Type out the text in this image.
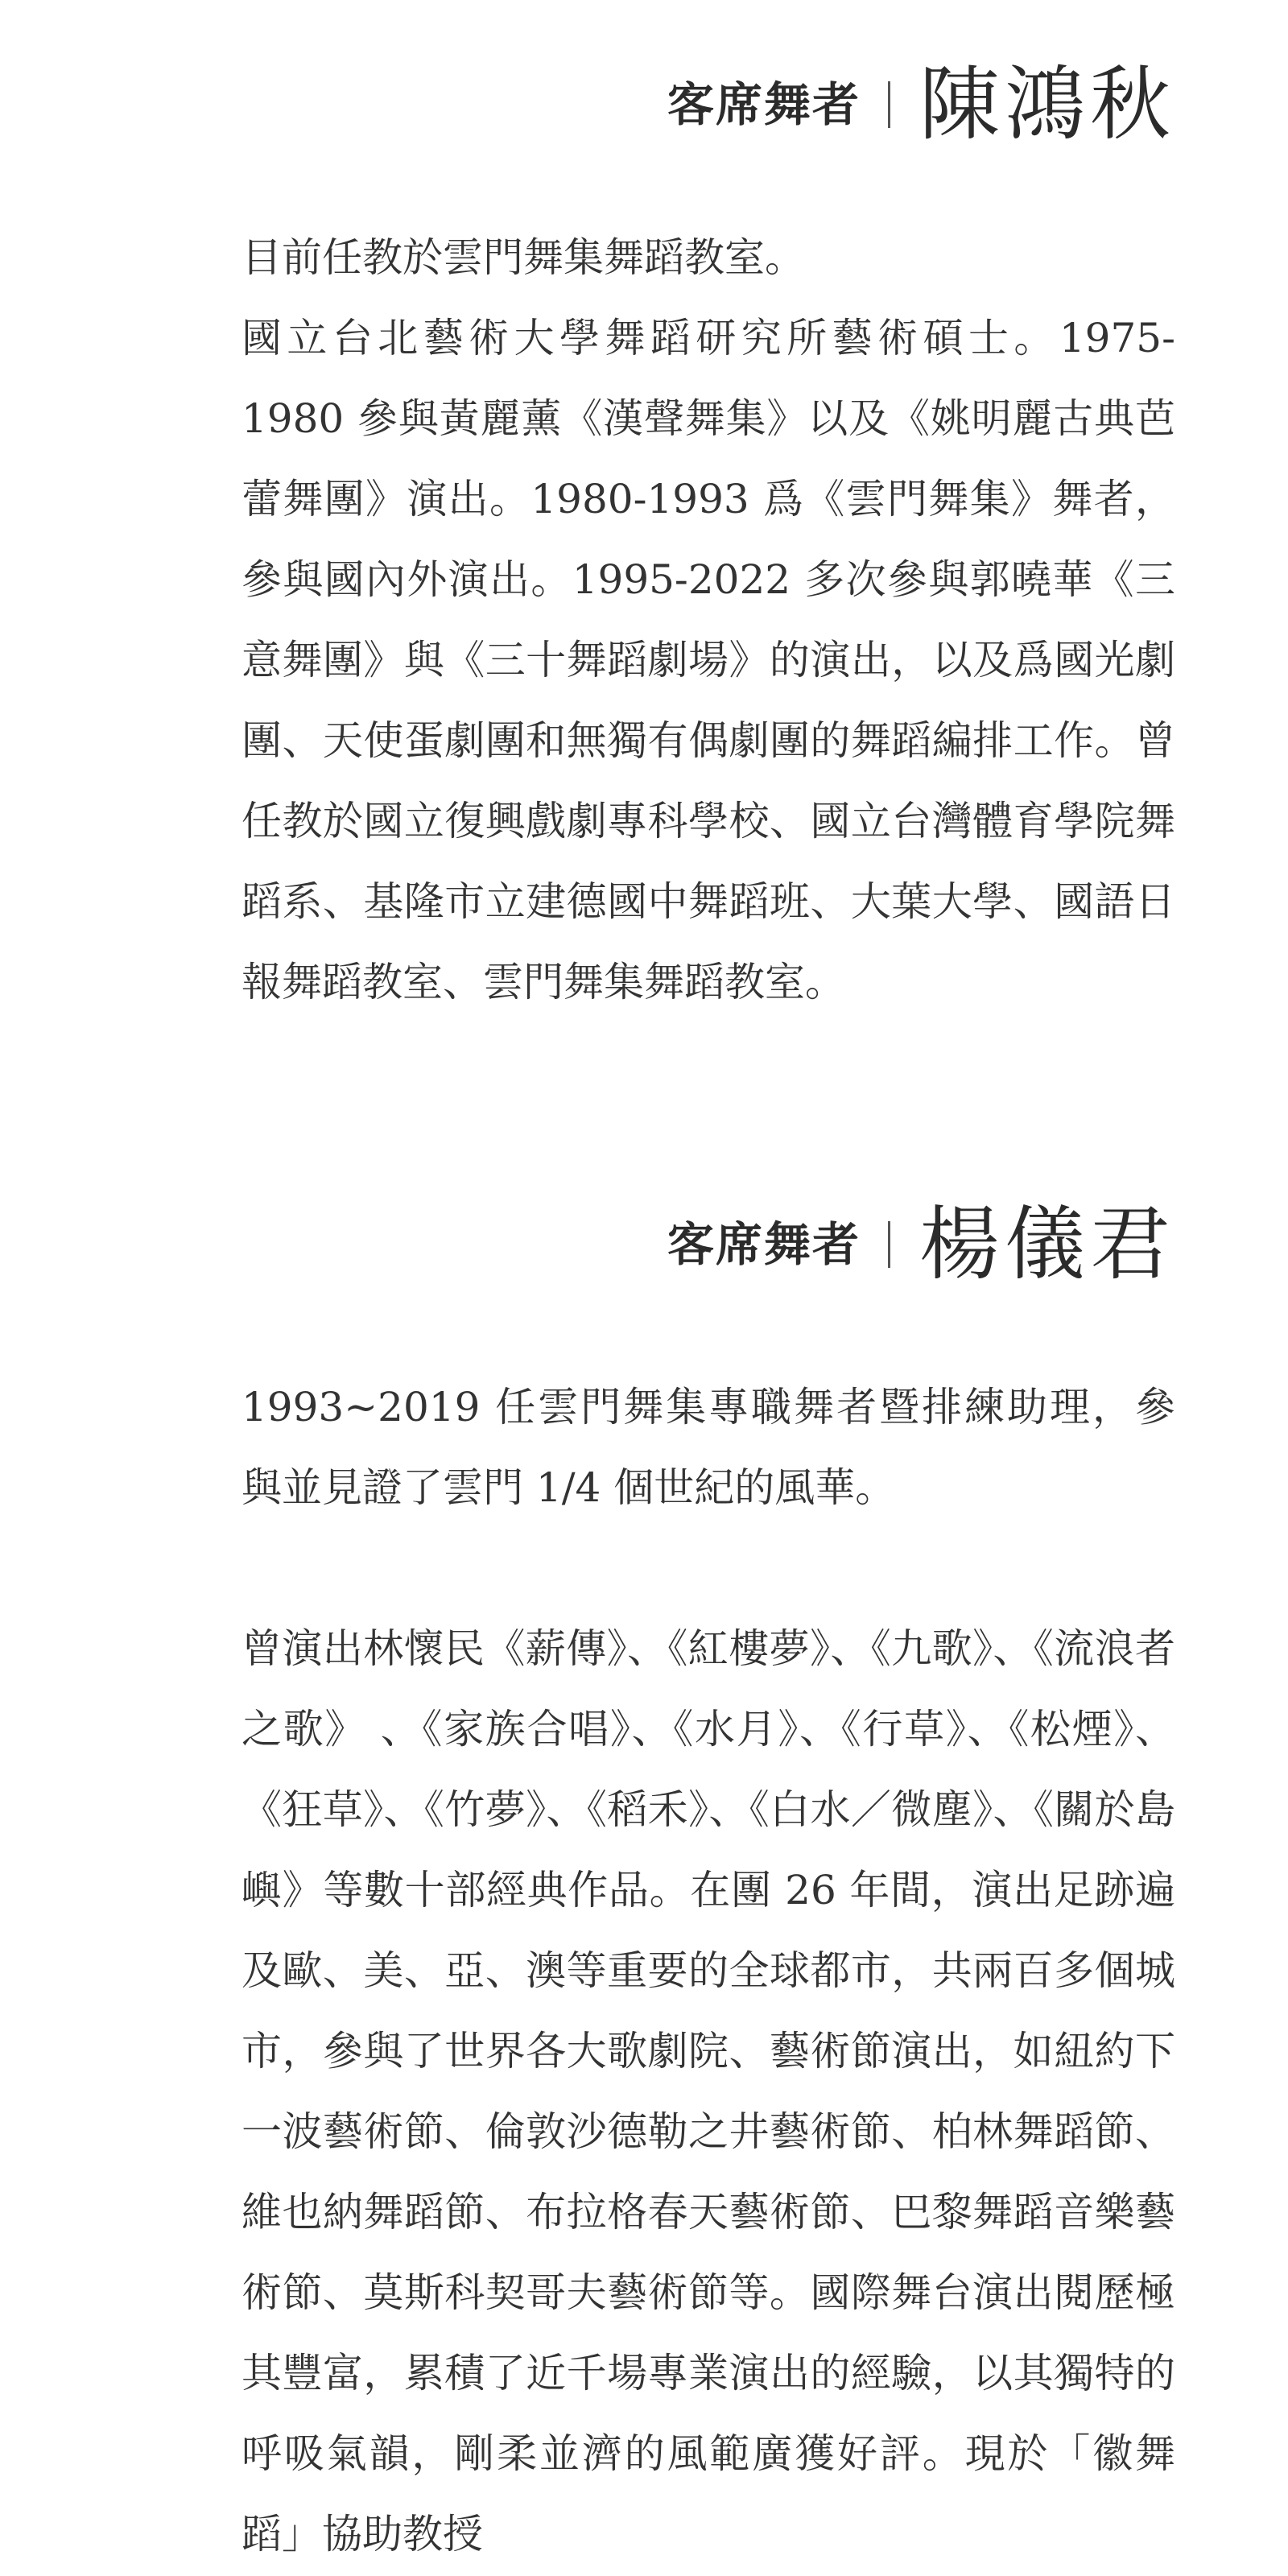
客席舞者 陳鴻秋

目前任教於雲門舞集舞蹈教室。

國立台北藝術大學舞蹈研究所藝術碩士。1975-1980 參與黃麗薰《漢聲舞集》以及《姚明麗古典芭蕾舞團》演出。1980-1993 爲《雲門舞集》舞者，參與國內外演出。1995-2022 多次參與郭曉華《三意舞團》與《三十舞蹈劇場》的演出，以及爲國光劇團、天使蛋劇團和無獨有偶劇團的舞蹈編排工作。曾任教於國立復興戲劇專科學校、國立台灣體育學院舞蹈系、基隆市立建德國中舞蹈班、大葉大學、國語日報舞蹈教室、雲門舞集舞蹈教室。

客席舞者 楊儀君

1993~2019 任雲門舞集專職舞者暨排練助理，參與並見證了雲門 1/4 個世紀的風華。

曾演出林懷民《薪傳》、《紅樓夢》、《九歌》、《流浪者之歌》 、《家族合唱》、《水月》、《行草》、《松煙》、《狂草》、《竹夢》、《稻禾》、《白水／微塵》、《關於島嶼》等數十部經典作品。在團 26 年間，演出足跡遍及歐、美、亞、澳等重要的全球都市，共兩百多個城市，參與了世界各大歌劇院、藝術節演出，如紐約下一波藝術節、倫敦沙德勒之井藝術節、柏林舞蹈節、維也納舞蹈節、布拉格春天藝術節、巴黎舞蹈音樂藝術節、莫斯科契哥夫藝術節等。國際舞台演出閱歷極其豐富，累積了近千場專業演出的經驗，以其獨特的呼吸氣韻，剛柔並濟的風範廣獲好評。現於「徽舞蹈」協助教授
